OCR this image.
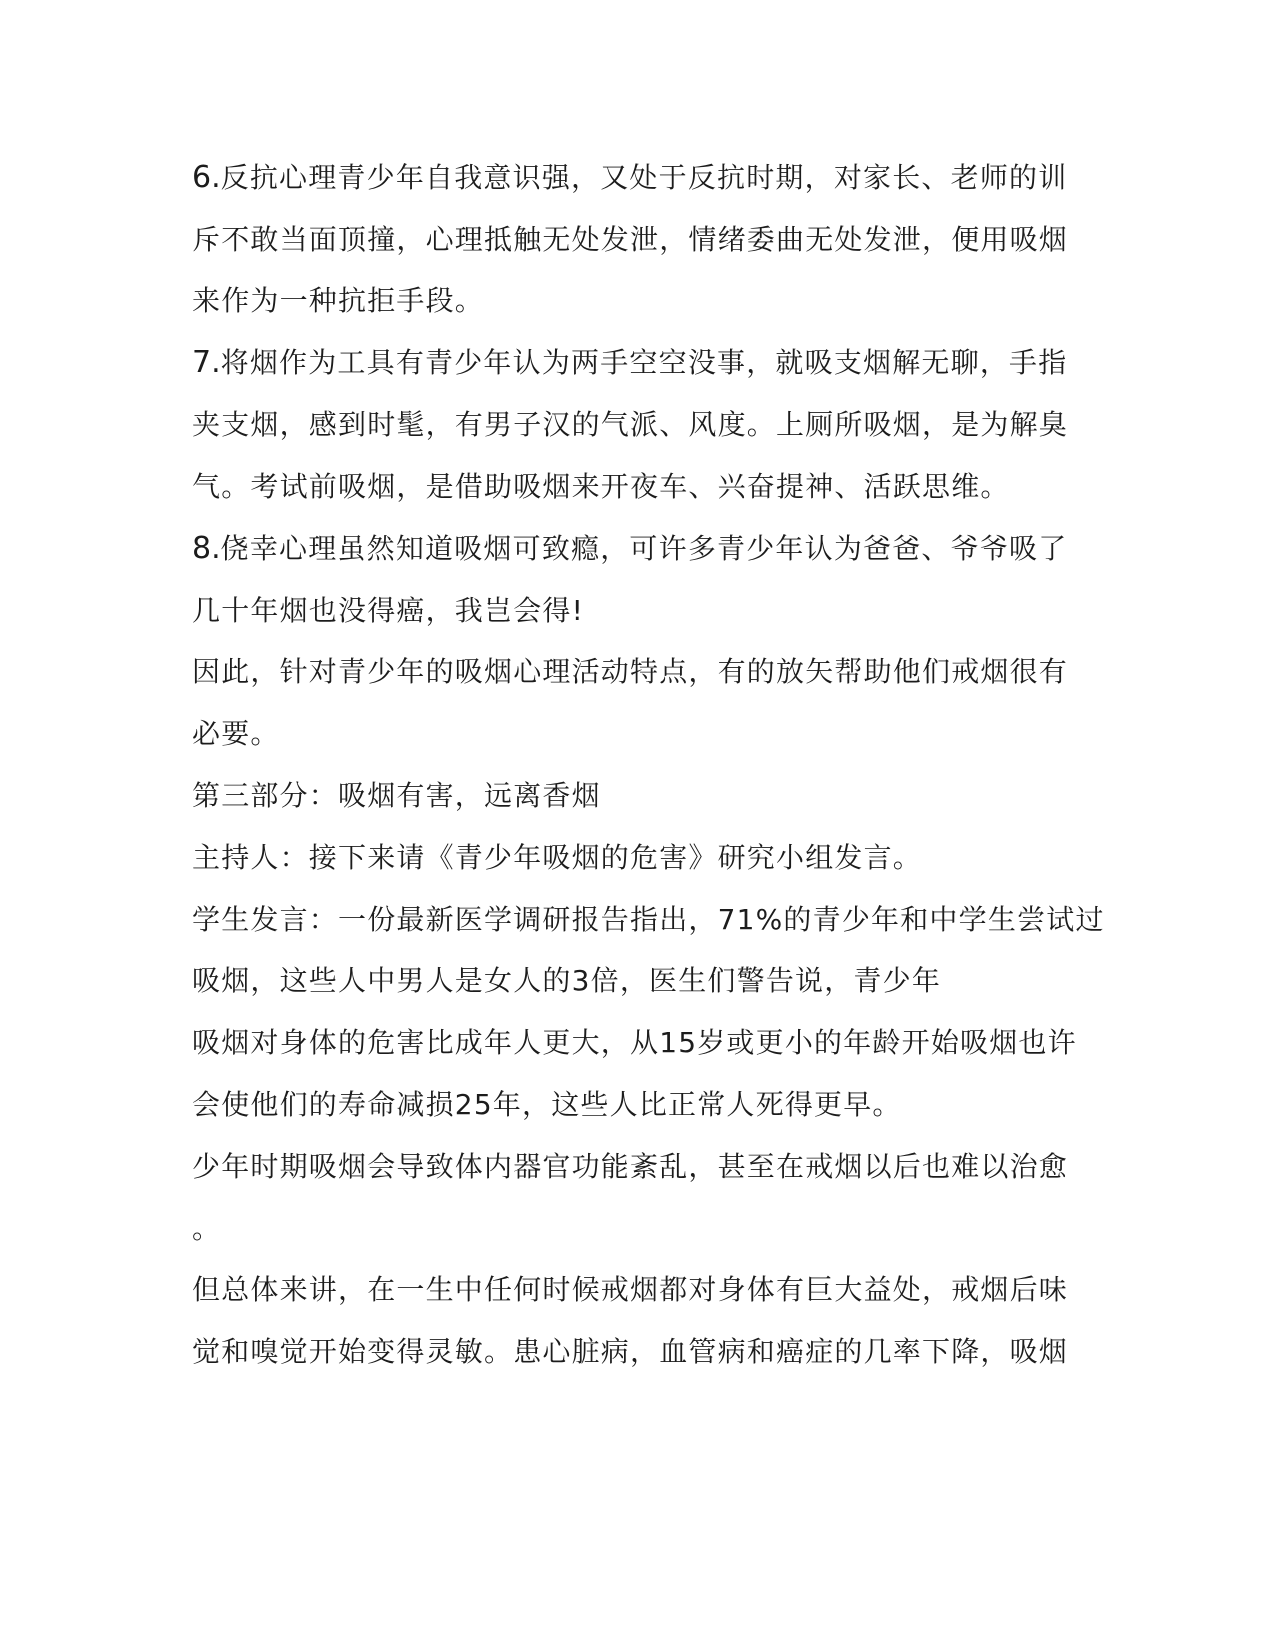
6.反抗心理青少年自我意识强，又处于反抗时期，对家长、老师的训

斥不敢当面顶撞，心理抵触无处发泄，情绪委曲无处发泄，便用吸烟

来作为一种抗拒手段。

7.将烟作为工具有青少年认为两手空空没事，就吸支烟解无聊，手指

夹支烟，感到时髦，有男子汉的气派、风度。上厕所吸烟，是为解臭

气。考试前吸烟，是借助吸烟来开夜车、兴奋提神、活跃思维。

8.侥幸心理虽然知道吸烟可致瘾，可许多青少年认为爸爸、爷爷吸了

几十年烟也没得癌，我岂会得!

因此，针对青少年的吸烟心理活动特点，有的放矢帮助他们戒烟很有

必要。

第三部分：吸烟有害，远离香烟

主持人：接下来请《青少年吸烟的危害》研究小组发言。

学生发言：一份最新医学调研报告指出，71%的青少年和中学生尝试过

吸烟，这些人中男人是女人的3倍，医生们警告说，青少年

吸烟对身体的危害比成年人更大，从15岁或更小的年龄开始吸烟也许

会使他们的寿命减损25年，这些人比正常人死得更早。

少年时期吸烟会导致体内器官功能紊乱，甚至在戒烟以后也难以治愈

。

但总体来讲，在一生中任何时候戒烟都对身体有巨大益处，戒烟后味

觉和嗅觉开始变得灵敏。患心脏病，血管病和癌症的几率下降，吸烟
